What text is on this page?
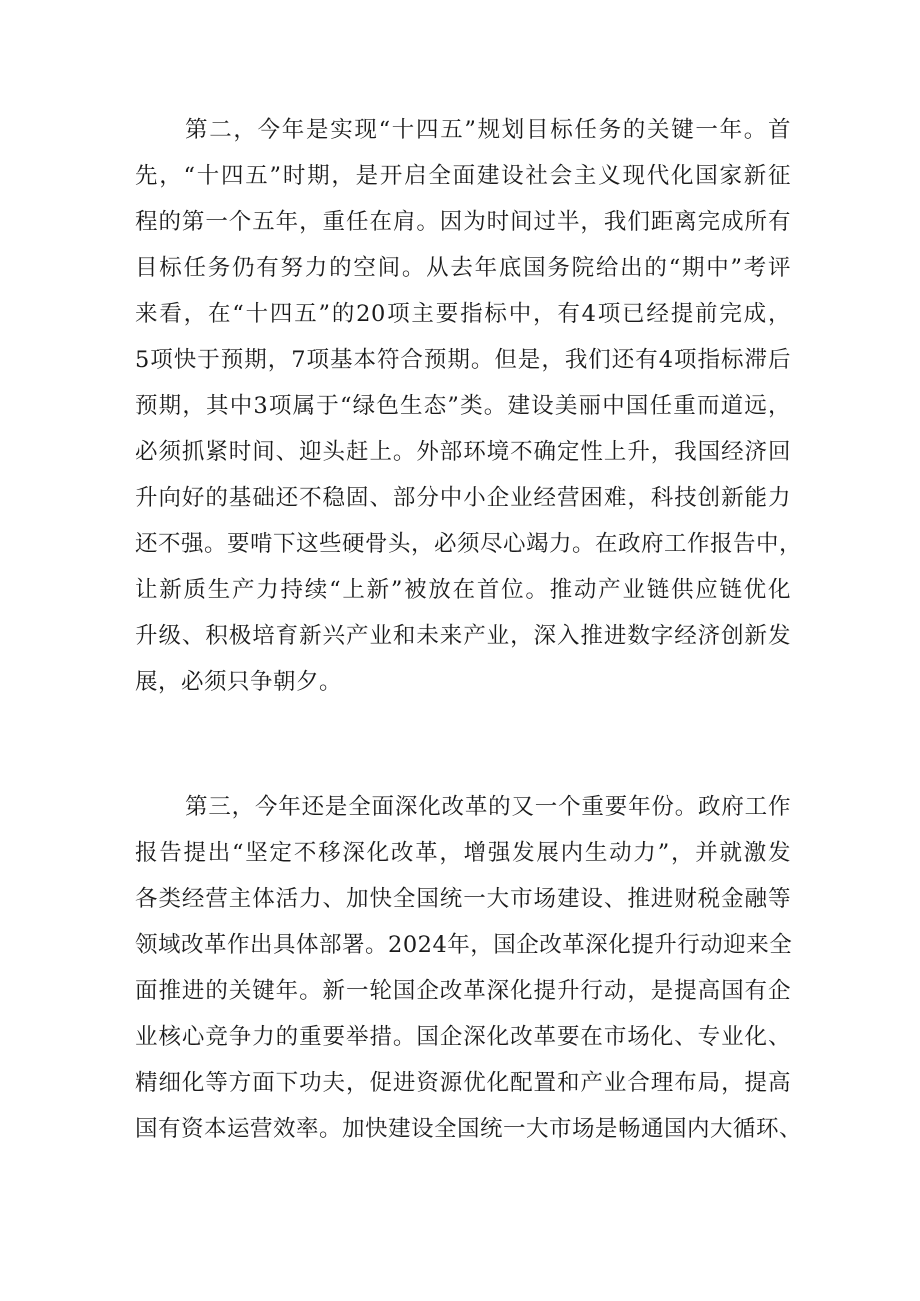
第二，今年是实现“十四五”规划目标任务的关键一年。首
先，“十四五”时期，是开启全面建设社会主义现代化国家新征
程的第一个五年，重任在肩。因为时间过半，我们距离完成所有
目标任务仍有努力的空间。从去年底国务院给出的“期中”考评
来看，在“十四五”的20项主要指标中，有4项已经提前完成，
5项快于预期，7项基本符合预期。但是，我们还有4项指标滞后
预期，其中3项属于“绿色生态”类。建设美丽中国任重而道远，
必须抓紧时间、迎头赶上。外部环境不确定性上升，我国经济回
升向好的基础还不稳固、部分中小企业经营困难，科技创新能力
还不强。要啃下这些硬骨头，必须尽心竭力。在政府工作报告中，
让新质生产力持续“上新”被放在首位。推动产业链供应链优化
升级、积极培育新兴产业和未来产业，深入推进数字经济创新发
展，必须只争朝夕。
第三，今年还是全面深化改革的又一个重要年份。政府工作
报告提出“坚定不移深化改革，增强发展内生动力”，并就激发
各类经营主体活力、加快全国统一大市场建设、推进财税金融等
领域改革作出具体部署。2024年，国企改革深化提升行动迎来全
面推进的关键年。新一轮国企改革深化提升行动，是提高国有企
业核心竞争力的重要举措。国企深化改革要在市场化、专业化、
精细化等方面下功夫，促进资源优化配置和产业合理布局，提高
国有资本运营效率。加快建设全国统一大市场是畅通国内大循环、
